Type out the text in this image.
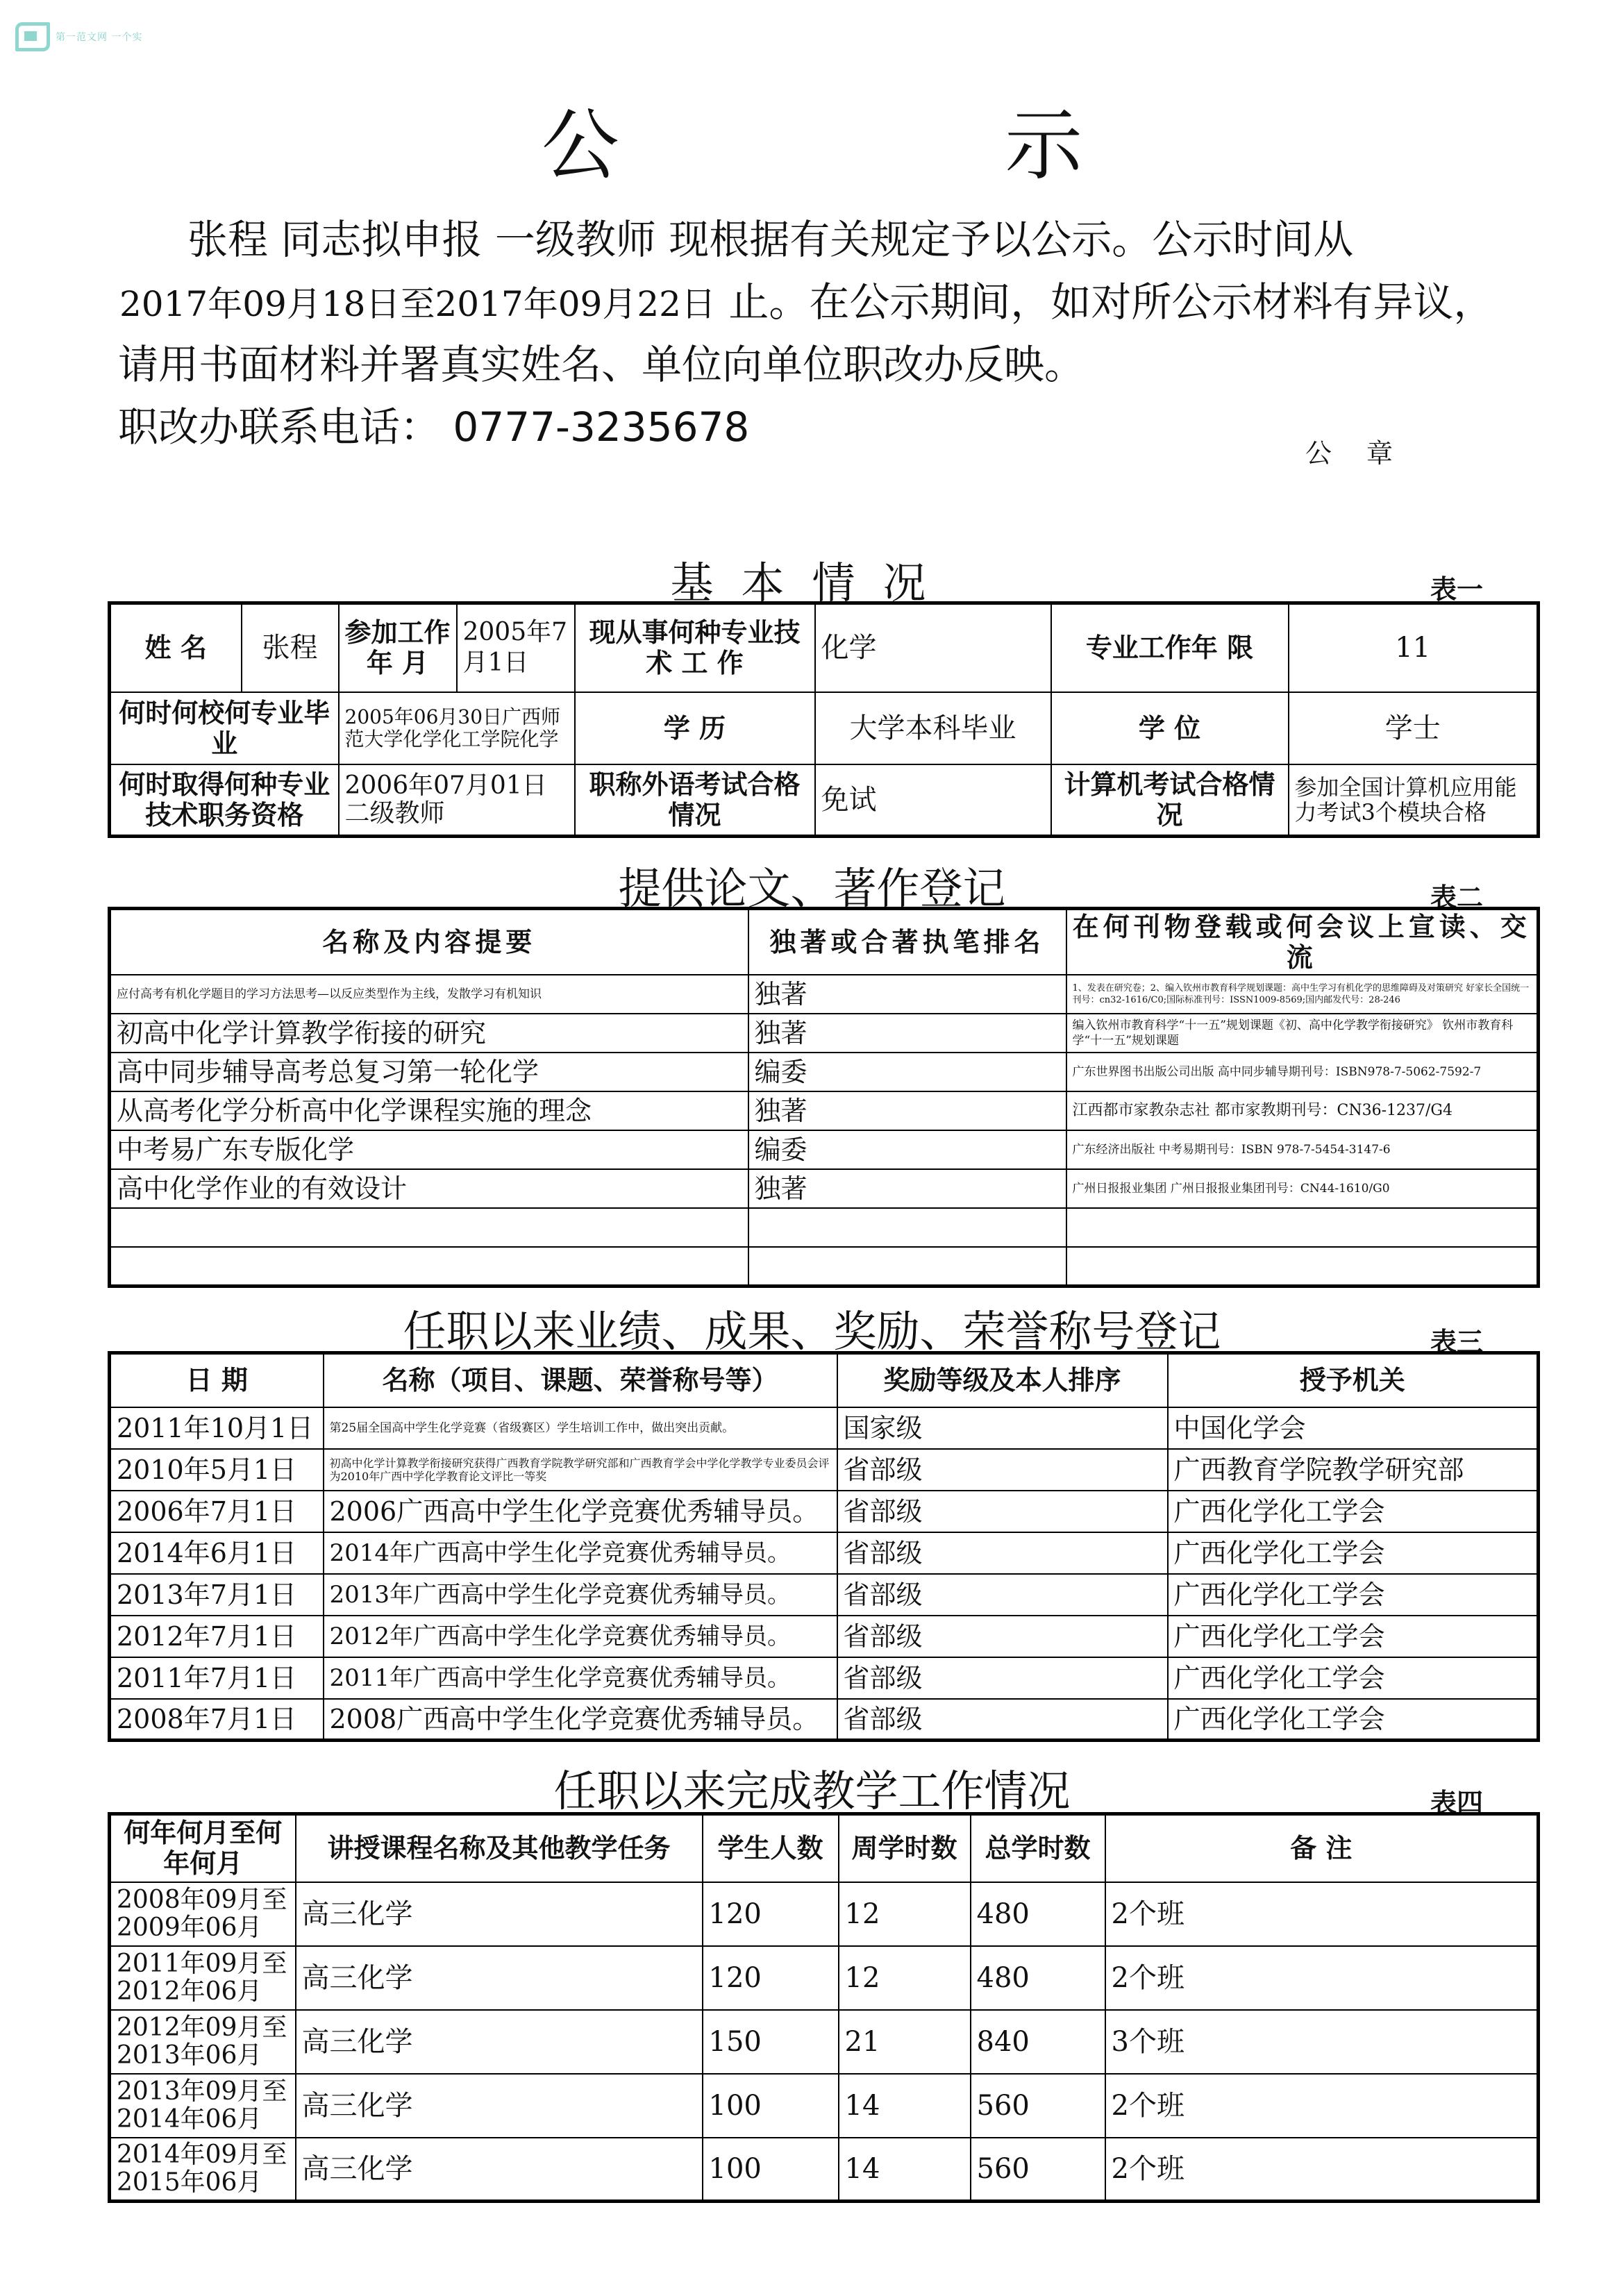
第一范文网 一个实
公 示
张程 同志拟申报 一级教师 现根据有关规定予以公示。公示时间从
2017年09月18日至2017年09月22日 止。在公示期间，如对所公示材料有异议，
请用书面材料并署真实姓名、单位向单位职改办反映。
职改办联系电话： 0777-3235678
公章
基本情况	表一
姓 名	张程	参加工作年 月	2005年7月1日	现从事何种专业技 术 工 作	化学	专业工作年 限	11
何时何校何专业毕 业		2005年06月30日广西师范大学化学化工学院化学		学 历	大学本科毕业	学 位	学士
何时取得何种专业技术职务资格		2006年07月01日二级教师		职称外语考试合格情况	免试	计算机考试合格情况	参加全国计算机应用能力考试3个模块合格
提供论文、著作登记	表二
名称及内容提要	独著或合著执笔排名	在何刊物登载或何会议上宣读、交流
应付高考有机化学题目的学习方法思考—以反应类型作为主线，发散学习有机知识	独著	1、发表在研究卷；2、编入钦州市教育科学规划课题：高中生学习有机化学的思维障碍及对策研究 好家长全国统一刊号：cn32-1616/C0;国际标准刊号：ISSN1009-8569;国内邮发代号：28-246
初高中化学计算教学衔接的研究	独著	编入钦州市教育科学“十一五”规划课题《初、高中化学教学衔接研究》 钦州市教育科学“十一五”规划课题
高中同步辅导高考总复习第一轮化学	编委	广东世界图书出版公司出版 高中同步辅导期刊号：ISBN978-7-5062-7592-7
从高考化学分析高中化学课程实施的理念	独著	江西都市家教杂志社 都市家教期刊号：CN36-1237/G4
中考易广东专版化学	编委	广东经济出版社 中考易期刊号：ISBN 978-7-5454-3147-6
高中化学作业的有效设计	独著	广州日报报业集团 广州日报报业集团刊号：CN44-1610/G0

任职以来业绩、成果、奖励、荣誉称号登记	表三
日 期	名称（项目、课题、荣誉称号等）	奖励等级及本人排序	授予机关
2011年10月1日	第25届全国高中学生化学竞赛（省级赛区）学生培训工作中，做出突出贡献。	国家级	中国化学会
2010年5月1日	初高中化学计算教学衔接研究获得广西教育学院教学研究部和广西教育学会中学化学教学专业委员会评为2010年广西中学化学教育论文评比一等奖	省部级	广西教育学院教学研究部
2006年7月1日	2006广西高中学生化学竞赛优秀辅导员。	省部级	广西化学化工学会
2014年6月1日	2014年广西高中学生化学竞赛优秀辅导员。	省部级	广西化学化工学会
2013年7月1日	2013年广西高中学生化学竞赛优秀辅导员。	省部级	广西化学化工学会
2012年7月1日	2012年广西高中学生化学竞赛优秀辅导员。	省部级	广西化学化工学会
2011年7月1日	2011年广西高中学生化学竞赛优秀辅导员。	省部级	广西化学化工学会
2008年7月1日	2008广西高中学生化学竞赛优秀辅导员。	省部级	广西化学化工学会
任职以来完成教学工作情况	表四
何年何月至何年何月	讲授课程名称及其他教学任务	学生人数	周学时数	总学时数	备 注
2008年09月至2009年06月	高三化学	120	12	480	2个班
2011年09月至2012年06月	高三化学	120	12	480	2个班
2012年09月至2013年06月	高三化学	150	21	840	3个班
2013年09月至2014年06月	高三化学	100	14	560	2个班
2014年09月至2015年06月	高三化学	100	14	560	2个班
